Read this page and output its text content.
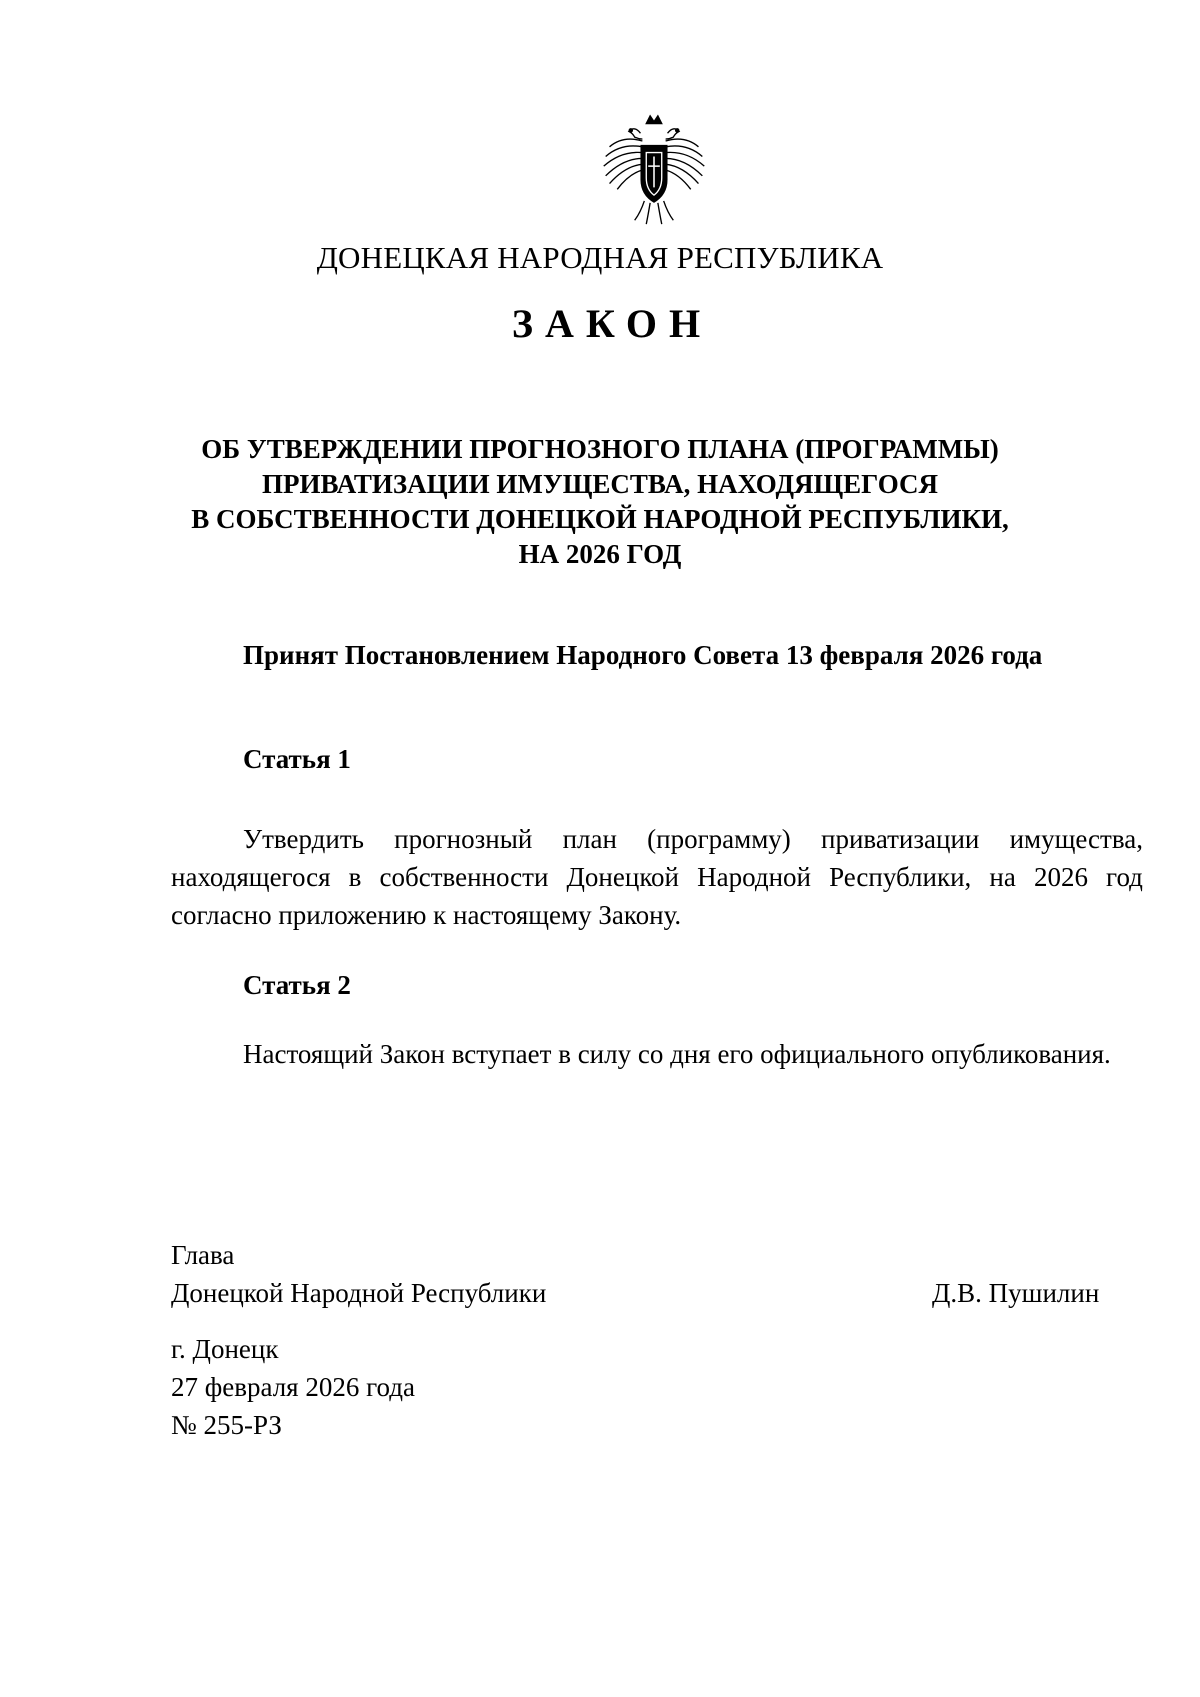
ДОНЕЦКАЯ НАРОДНАЯ РЕСПУБЛИКА
ЗАКОН
ОБ УТВЕРЖДЕНИИ ПРОГНОЗНОГО ПЛАНА (ПРОГРАММЫ)
ПРИВАТИЗАЦИИ ИМУЩЕСТВА, НАХОДЯЩЕГОСЯ
В СОБСТВЕННОСТИ ДОНЕЦКОЙ НАРОДНОЙ РЕСПУБЛИКИ,
НА 2026 ГОД
Принят Постановлением Народного Совета 13 февраля 2026 года
Статья 1
Утвердить прогнозный план (программу) приватизации имущества,
находящегося в собственности Донецкой Народной Республики, на 2026 год
согласно приложению к настоящему Закону.
Статья 2
Настоящий Закон вступает в силу со дня его официального опубликования.
Глава
Донецкой Народной Республики	Д.В. Пушилин
г. Донецк
27 февраля 2026 года
№ 255-РЗ
